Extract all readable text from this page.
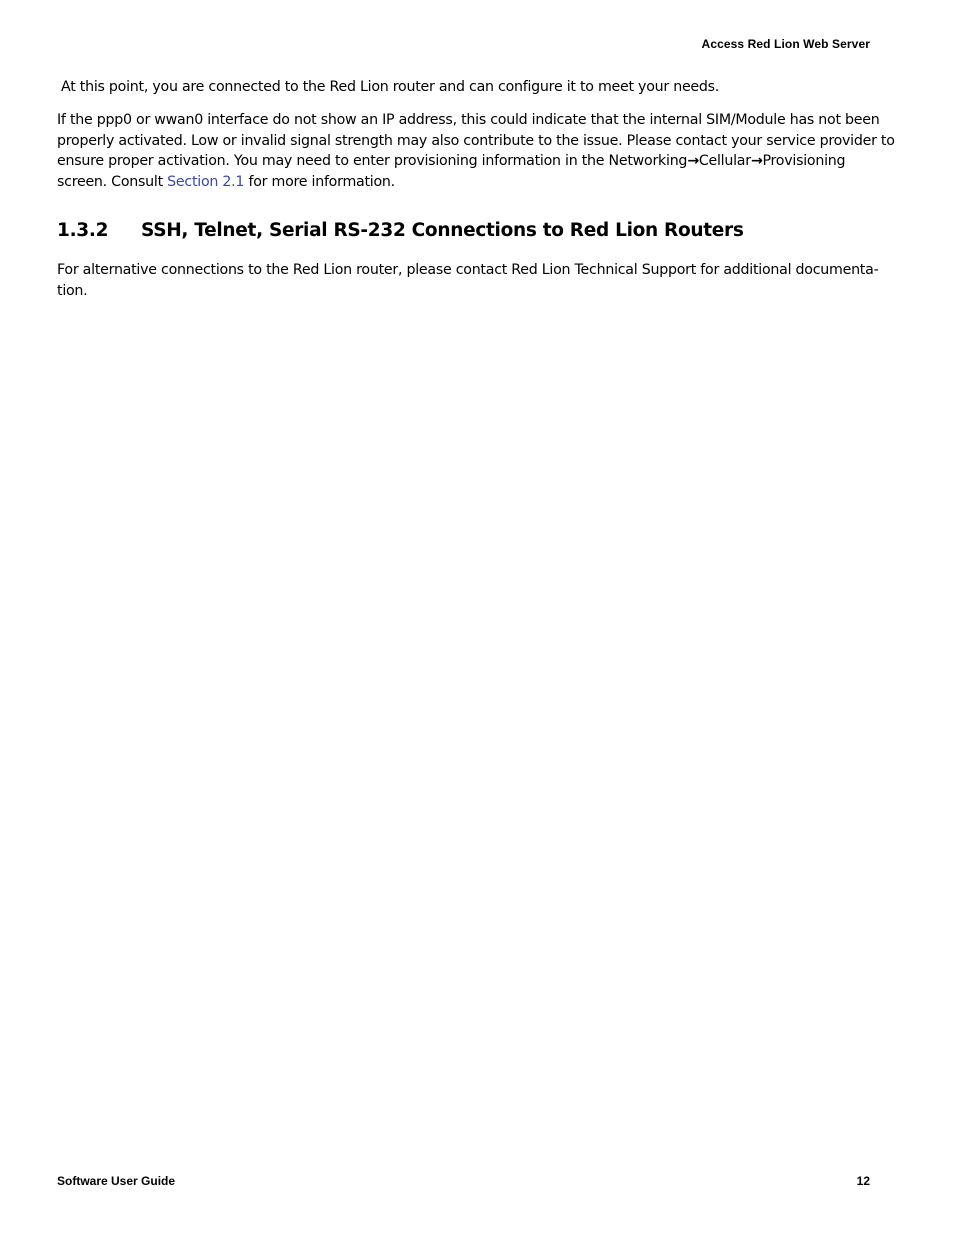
Access Red Lion Web Server

At this point, you are connected to the Red Lion router and can configure it to meet your needs.

If the ppp0 or wwan0 interface do not show an IP address, this could indicate that the internal SIM/Module has not been properly activated. Low or invalid signal strength may also contribute to the issue. Please contact your service provider to ensure proper activation. You may need to enter provisioning information in the Networking→Cellular→Provisioning screen. Consult Section 2.1 for more information.

1.3.2 SSH, Telnet, Serial RS-232 Connections to Red Lion Routers

For alternative connections to the Red Lion router, please contact Red Lion Technical Support for additional documenta-tion.

Software User Guide	12
